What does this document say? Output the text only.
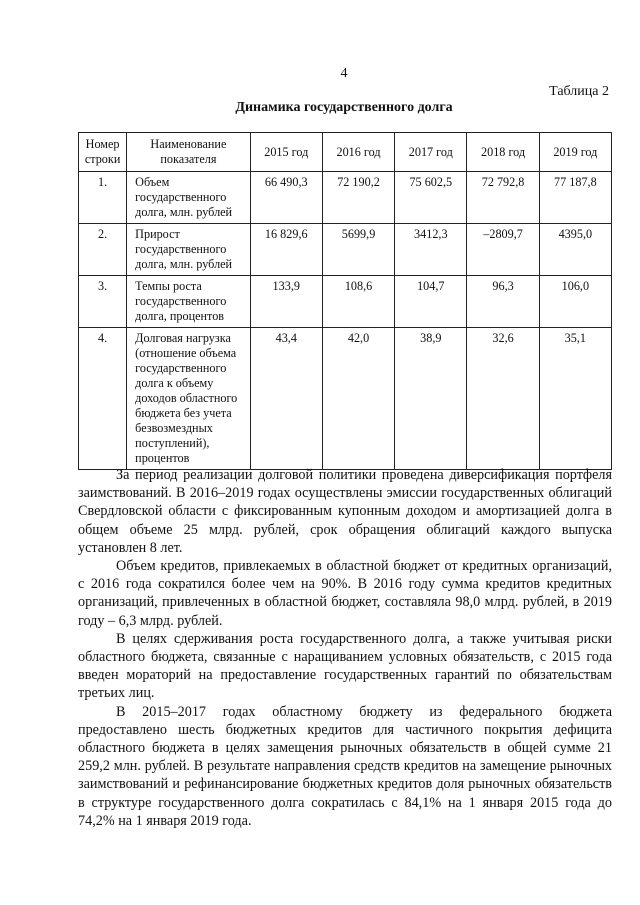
4
Таблица 2
Динамика государственного долга
Номер строки	Наименование показателя	2015 год	2016 год	2017 год	2018 год	2019 год
1.	Объем государственного долга, млн. рублей	66 490,3	72 190,2	75 602,5	72 792,8	77 187,8
2.	Прирост государственного долга, млн. рублей	16 829,6	5699,9	3412,3	–2809,7	4395,0
3.	Темпы роста государственного долга, процентов	133,9	108,6	104,7	96,3	106,0
4.	Долговая нагрузка (отношение объема государственного долга к объему доходов областного бюджета без учета безвозмездных поступлений), процентов	43,4	42,0	38,9	32,6	35,1

За период реализации долговой политики проведена диверсификация портфеля заимствований. В 2016–2019 годах осуществлены эмиссии государственных облигаций Свердловской области с фиксированным купонным доходом и амортизацией долга в общем объеме 25 млрд. рублей, срок обращения облигаций каждого выпуска установлен 8 лет.

Объем кредитов, привлекаемых в областной бюджет от кредитных организаций, с 2016 года сократился более чем на 90%. В 2016 году сумма кредитов кредитных организаций, привлеченных в областной бюджет, составляла 98,0 млрд. рублей, в 2019 году – 6,3 млрд. рублей.

В целях сдерживания роста государственного долга, а также учитывая риски областного бюджета, связанные с наращиванием условных обязательств, с 2015 года введен мораторий на предоставление государственных гарантий по обязательствам третьих лиц.

В 2015–2017 годах областному бюджету из федерального бюджета предоставлено шесть бюджетных кредитов для частичного покрытия дефицита областного бюджета в целях замещения рыночных обязательств в общей сумме 21 259,2 млн. рублей. В результате направления средств кредитов на замещение рыночных заимствований и рефинансирование бюджетных кредитов доля рыночных обязательств в структуре государственного долга сократилась с 84,1% на 1 января 2015 года до 74,2% на 1 января 2019 года.
